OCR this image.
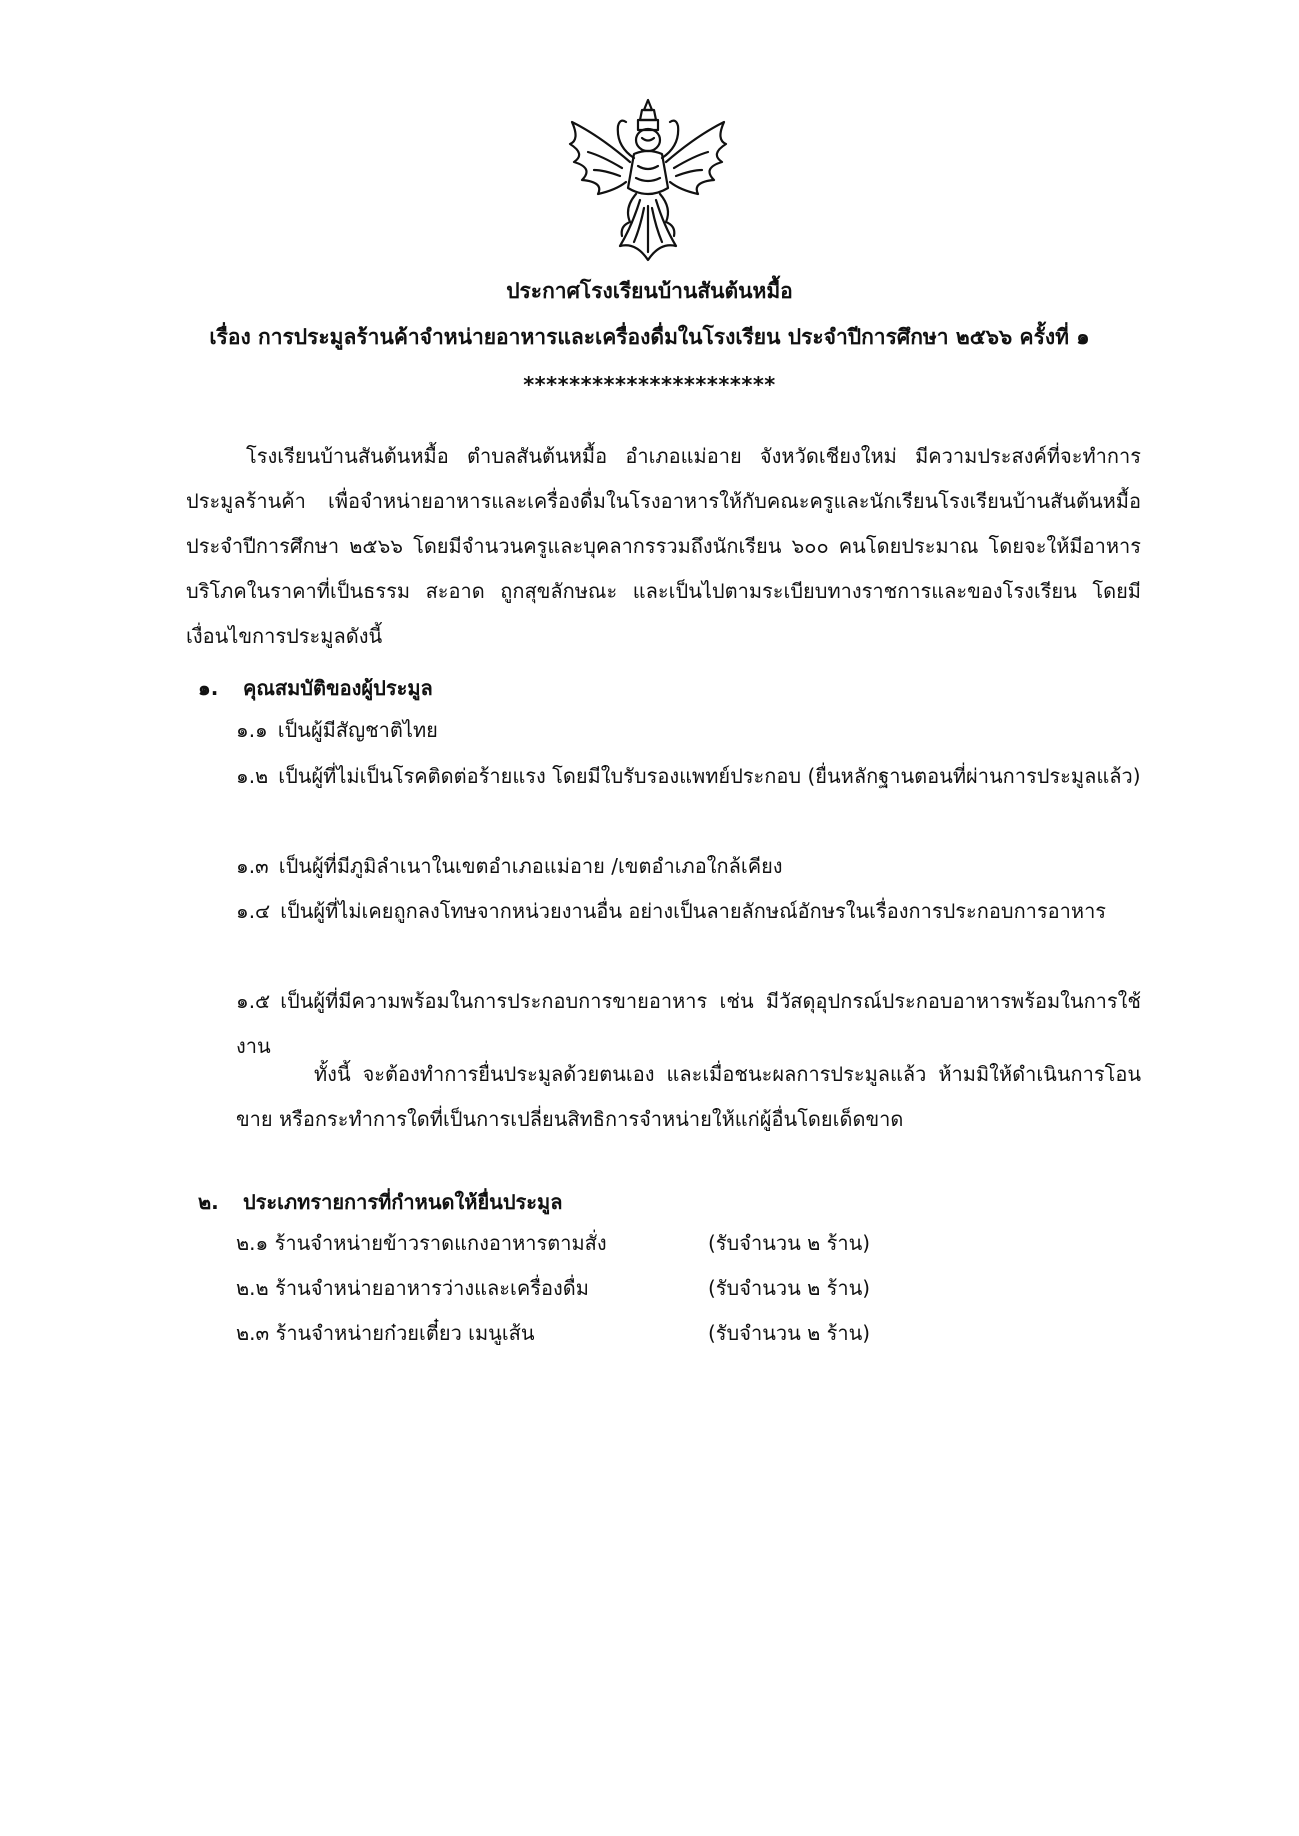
ประกาศโรงเรียนบ้านสันต้นหมื้อ
เรื่อง การประมูลร้านค้าจำหน่ายอาหารและเครื่องดื่มในโรงเรียน ประจำปีการศึกษา ๒๕๖๖ ครั้งที่ ๑
**********************

โรงเรียนบ้านสันต้นหมื้อ ตำบลสันต้นหมื้อ อำเภอแม่อาย จังหวัดเชียงใหม่ มีความประสงค์ที่จะทำการประมูลร้านค้า เพื่อจำหน่ายอาหารและเครื่องดื่มในโรงอาหารให้กับคณะครูและนักเรียนโรงเรียนบ้านสันต้นหมื้อ ประจำปีการศึกษา ๒๕๖๖ โดยมีจำนวนครูและบุคลากรรวมถึงนักเรียน ๖๐๐ คนโดยประมาณ โดยจะให้มีอาหารบริโภคในราคาที่เป็นธรรม สะอาด ถูกสุขลักษณะ และเป็นไปตามระเบียบทางราชการและของโรงเรียน โดยมีเงื่อนไขการประมูลดังนี้

๑. คุณสมบัติของผู้ประมูล

๑.๑ เป็นผู้มีสัญชาติไทย

๑.๒ เป็นผู้ที่ไม่เป็นโรคติดต่อร้ายแรง โดยมีใบรับรองแพทย์ประกอบ (ยื่นหลักฐานตอนที่ผ่านการประมูลแล้ว)

๑.๓ เป็นผู้ที่มีภูมิลำเนาในเขตอำเภอแม่อาย /เขตอำเภอใกล้เคียง

๑.๔ เป็นผู้ที่ไม่เคยถูกลงโทษจากหน่วยงานอื่น อย่างเป็นลายลักษณ์อักษรในเรื่องการประกอบการอาหาร

๑.๕ เป็นผู้ที่มีความพร้อมในการประกอบการขายอาหาร เช่น มีวัสดุอุปกรณ์ประกอบอาหารพร้อมในการใช้งาน

ทั้งนี้ จะต้องทำการยื่นประมูลด้วยตนเอง และเมื่อชนะผลการประมูลแล้ว ห้ามมิให้ดำเนินการโอนขาย หรือกระทำการใดที่เป็นการเปลี่ยนสิทธิการจำหน่ายให้แก่ผู้อื่นโดยเด็ดขาด

๒. ประเภทรายการที่กำหนดให้ยื่นประมูล
๒.๑ ร้านจำหน่ายข้าวราดแกงอาหารตามสั่ง	(รับจำนวน ๒ ร้าน)
๒.๒ ร้านจำหน่ายอาหารว่างและเครื่องดื่ม	(รับจำนวน ๒ ร้าน)
๒.๓ ร้านจำหน่ายก๋วยเตี๋ยว เมนูเส้น	(รับจำนวน ๒ ร้าน)
